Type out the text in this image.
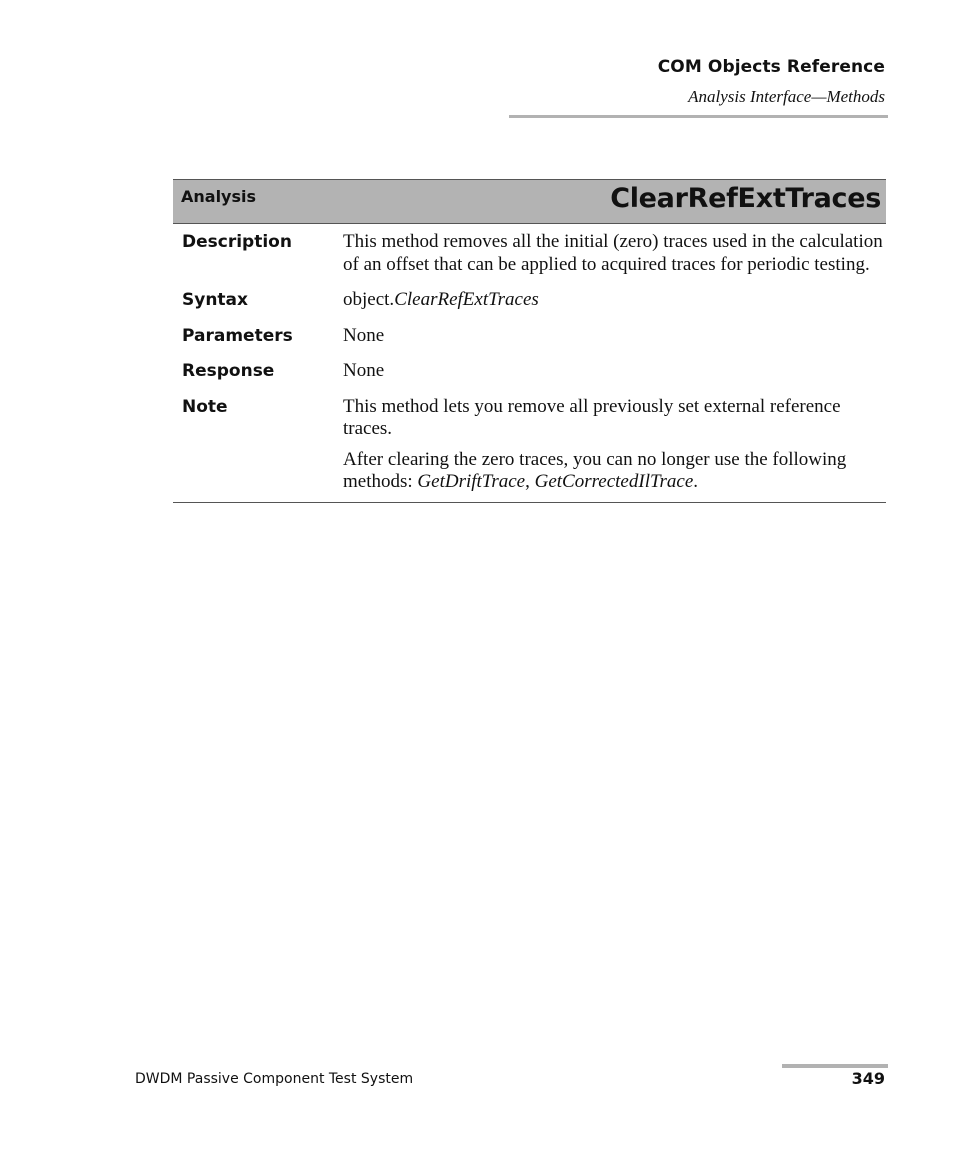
COM Objects Reference
Analysis Interface—Methods
Analysis	ClearRefExtTraces
Description	This method removes all the initial (zero) traces used in the calculation of an offset that can be applied to acquired traces for periodic testing.

Syntax	object.ClearRefExtTraces
Parameters	None
Response	None
Note	This method lets you remove all previously set external reference traces.

After clearing the zero traces, you can no longer use the following methods: GetDriftTrace, GetCorrectedIlTrace.

DWDM Passive Component Test System	349
